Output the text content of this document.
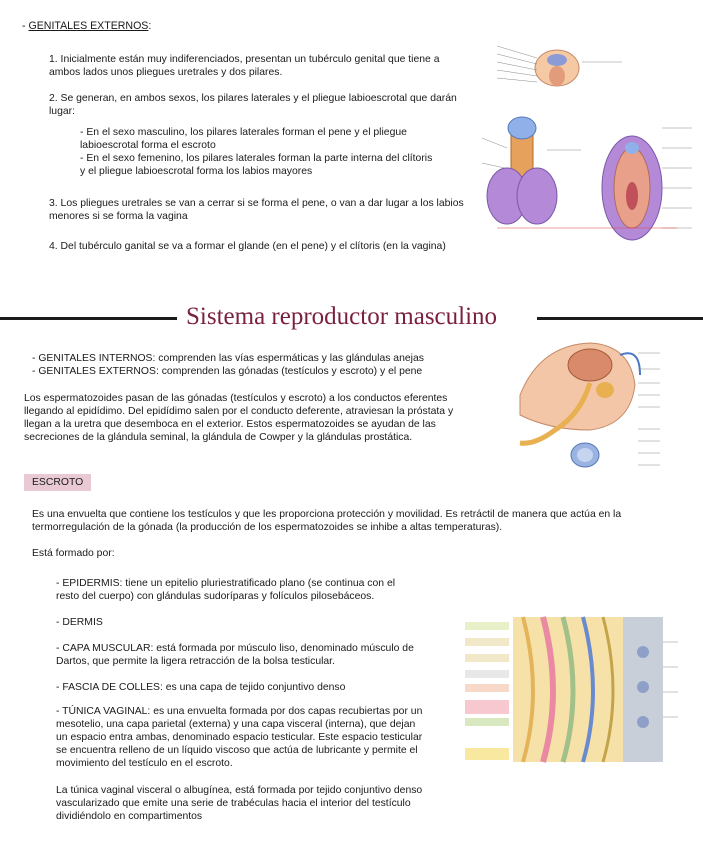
- GENITALES EXTERNOS:

1. Inicialmente están muy indiferenciados, presentan un tubérculo genital que tiene a ambos lados unos pliegues uretrales y dos pilares.

2. Se generan, en ambos sexos, los pilares laterales y el pliegue labioescrotal que darán lugar:

- En el sexo masculino, los pilares laterales forman el pene y el pliegue labioescrotal forma el escroto

- En el sexo femenino, los pilares laterales forman la parte interna del clítoris y el pliegue labioescrotal forma los labios mayores

3. Los pliegues uretrales se van a cerrar si se forma el pene, o van a dar lugar a los labios menores si se forma la vagina

4. Del tubérculo ganital se va a formar el glande (en el pene) y el clítoris (en la vagina)

Sistema reproductor masculino

- GENITALES INTERNOS: comprenden las vías espermáticas y las glándulas anejas

- GENITALES EXTERNOS: comprenden las gónadas (testículos y escroto) y el pene

Los espermatozoides pasan de las gónadas (testículos y escroto) a los conductos eferentes llegando al epidídimo. Del epidídimo salen por el conducto deferente, atraviesan la próstata y llegan a la uretra que desemboca en el exterior. Estos espermatozoides se ayudan de las secreciones de la glándula seminal, la glándula de Cowper y la glándulas prostática.

ESCROTO

Es una envuelta que contiene los testículos y que les proporciona protección y movilidad. Es retráctil de manera que actúa en la termorregulación de la gónada (la producción de los espermatozoides se inhibe a altas temperaturas).

Está formado por:

- EPIDERMIS: tiene un epitelio pluriestratificado plano (se continua con el resto del cuerpo) con glándulas sudoríparas y folículos pilosebáceos.

- DERMIS

- CAPA MUSCULAR: está formada por músculo liso, denominado músculo de Dartos, que permite la ligera retracción de la bolsa testicular.

- FASCIA DE COLLES: es una capa de tejido conjuntivo denso

- TÚNICA VAGINAL: es una envuelta formada por dos capas recubiertas por un mesotelio, una capa parietal (externa) y una capa visceral (interna), que dejan un espacio entra ambas, denominado espacio testicular. Este espacio testicular se encuentra relleno de un líquido viscoso que actúa de lubricante y permite el movimiento del testículo en el escroto.

La túnica vaginal visceral o albugínea, está formada por tejido conjuntivo denso vascularizado que emite una serie de trabéculas hacia el interior del testículo dividiéndolo en compartimentos
